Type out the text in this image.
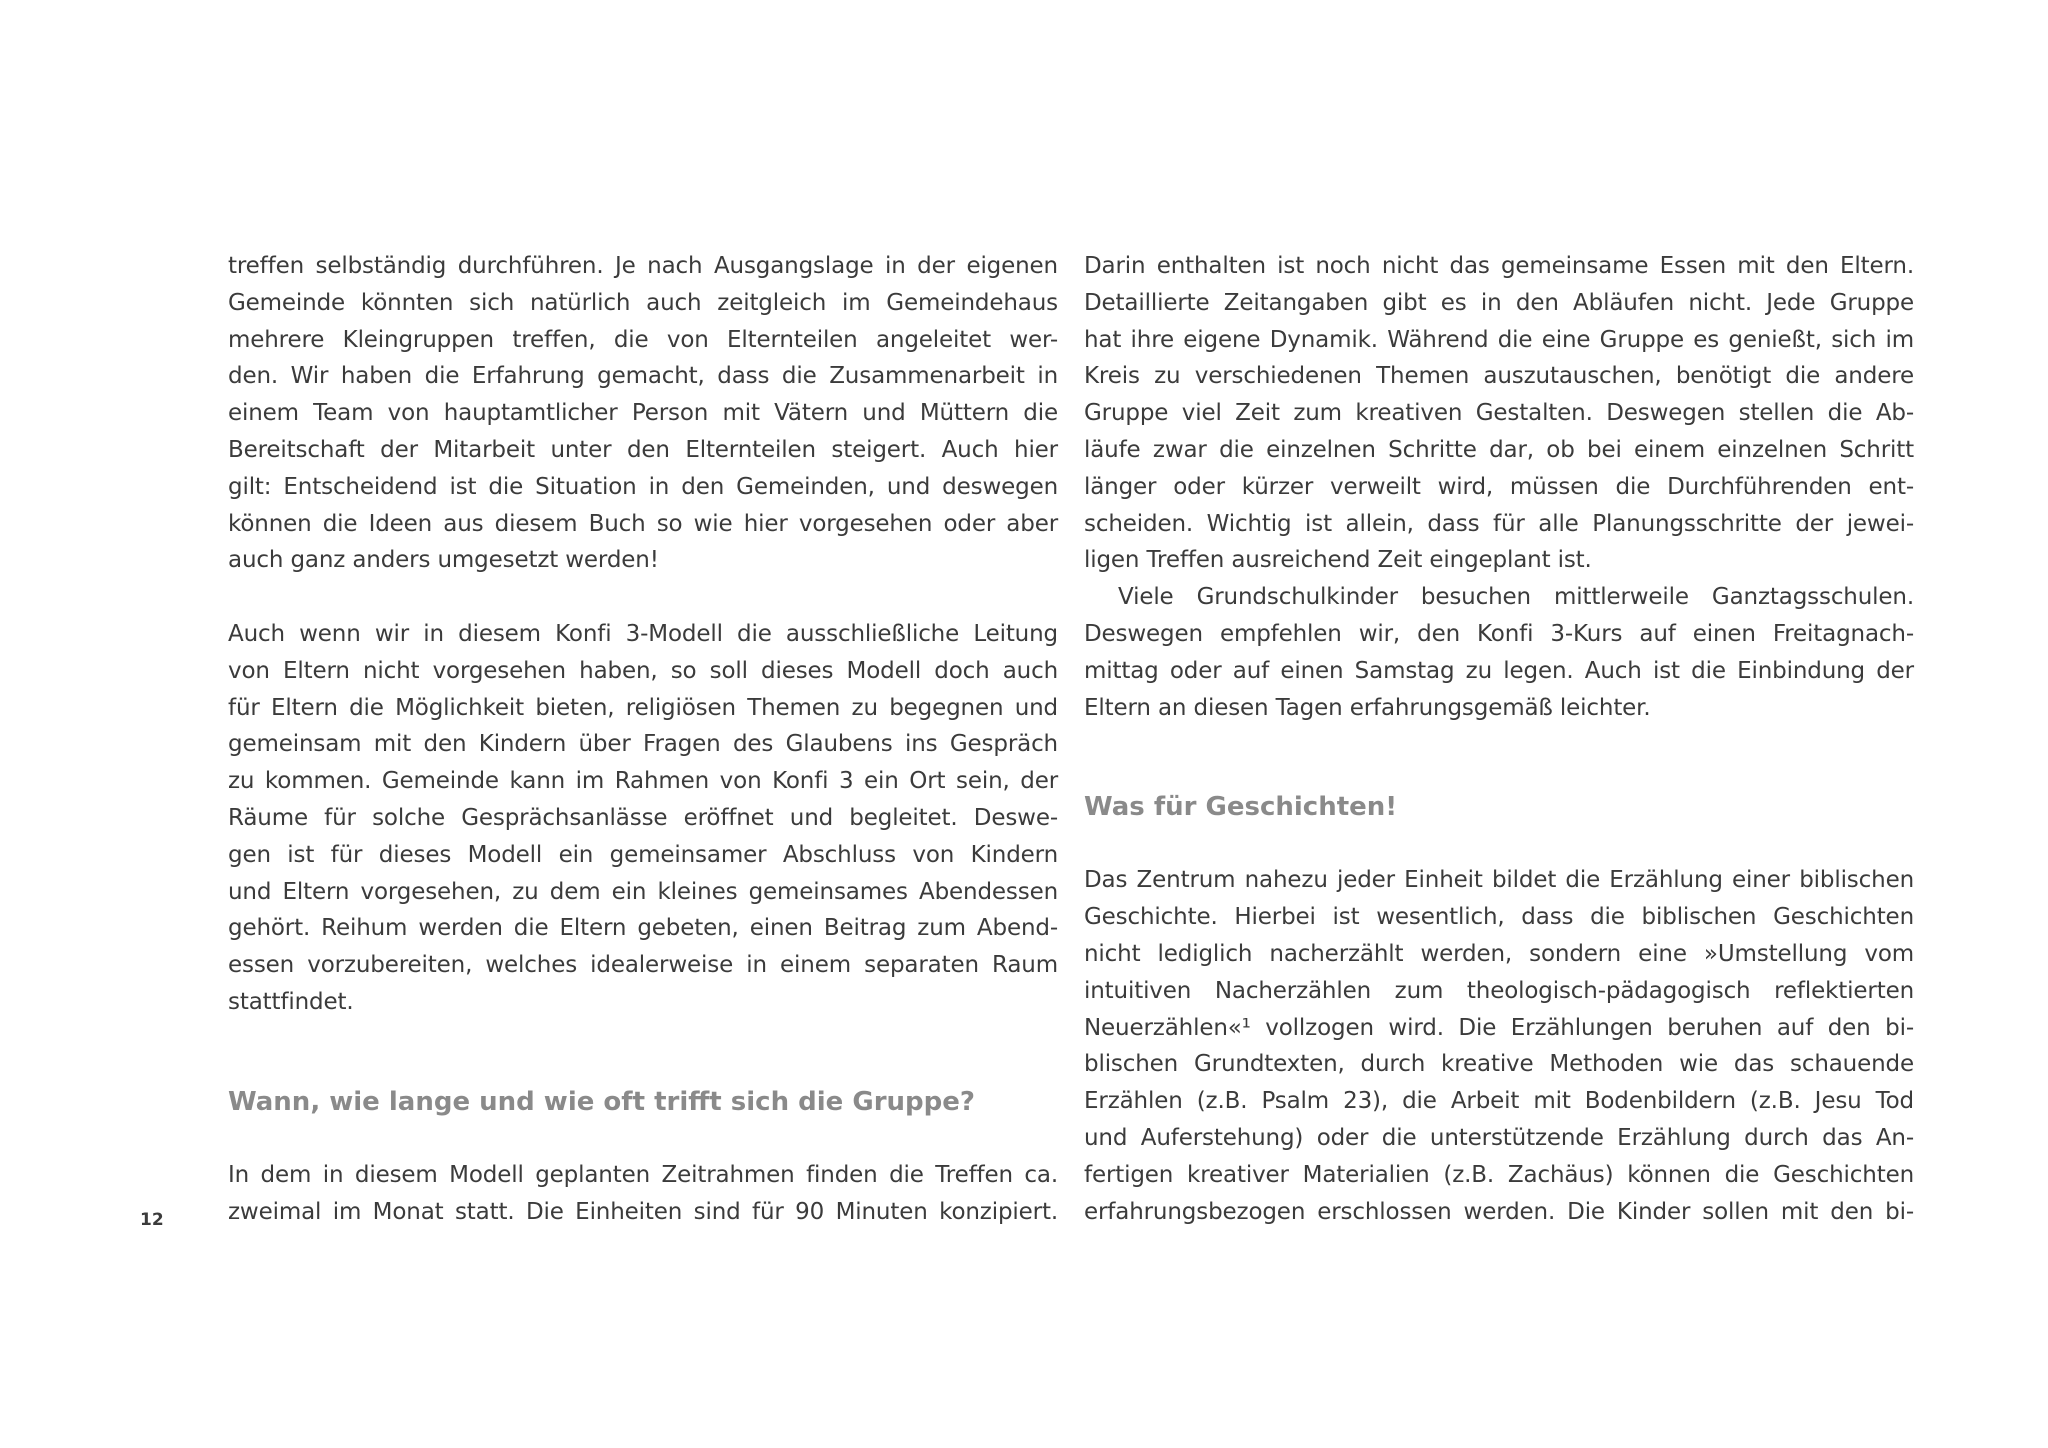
treffen selbständig durchführen. Je nach Ausgangslage in der eigenen
Gemeinde könnten sich natürlich auch zeitgleich im Gemeindehaus
mehrere Kleingruppen treffen, die von Elternteilen angeleitet wer-
den. Wir haben die Erfahrung gemacht, dass die Zusammenarbeit in
einem Team von hauptamtlicher Person mit Vätern und Müttern die
Bereitschaft der Mitarbeit unter den Elternteilen steigert. Auch hier
gilt: Entscheidend ist die Situation in den Gemeinden, und deswegen
können die Ideen aus diesem Buch so wie hier vorgesehen oder aber
auch ganz anders umgesetzt werden!
Auch wenn wir in diesem Konfi 3-Modell die ausschließliche Leitung
von Eltern nicht vorgesehen haben, so soll dieses Modell doch auch
für Eltern die Möglichkeit bieten, religiösen Themen zu begegnen und
gemeinsam mit den Kindern über Fragen des Glaubens ins Gespräch
zu kommen. Gemeinde kann im Rahmen von Konfi 3 ein Ort sein, der
Räume für solche Gesprächsanlässe eröffnet und begleitet. Deswe-
gen ist für dieses Modell ein gemeinsamer Abschluss von Kindern
und Eltern vorgesehen, zu dem ein kleines gemeinsames Abendessen
gehört. Reihum werden die Eltern gebeten, einen Beitrag zum Abend-
essen vorzubereiten, welches idealerweise in einem separaten Raum
stattfindet.
Wann, wie lange und wie oft trifft sich die Gruppe?
In dem in diesem Modell geplanten Zeitrahmen finden die Treffen ca.
zweimal im Monat statt. Die Einheiten sind für 90 Minuten konzipiert.
Darin enthalten ist noch nicht das gemeinsame Essen mit den Eltern.
Detaillierte Zeitangaben gibt es in den Abläufen nicht. Jede Gruppe
hat ihre eigene Dynamik. Während die eine Gruppe es genießt, sich im
Kreis zu verschiedenen Themen auszutauschen, benötigt die andere
Gruppe viel Zeit zum kreativen Gestalten. Deswegen stellen die Ab-
läufe zwar die einzelnen Schritte dar, ob bei einem einzelnen Schritt
länger oder kürzer verweilt wird, müssen die Durchführenden ent-
scheiden. Wichtig ist allein, dass für alle Planungsschritte der jewei-
ligen Treffen ausreichend Zeit eingeplant ist.
Viele Grundschulkinder besuchen mittlerweile Ganztagsschulen.
Deswegen empfehlen wir, den Konfi 3-Kurs auf einen Freitagnach-
mittag oder auf einen Samstag zu legen. Auch ist die Einbindung der
Eltern an diesen Tagen erfahrungsgemäß leichter.
Was für Geschichten!
Das Zentrum nahezu jeder Einheit bildet die Erzählung einer biblischen
Geschichte. Hierbei ist wesentlich, dass die biblischen Geschichten
nicht lediglich nacherzählt werden, sondern eine »Umstellung vom
intuitiven Nacherzählen zum theologisch-pädagogisch reflektierten
Neuerzählen«¹ vollzogen wird. Die Erzählungen beruhen auf den bi-
blischen Grundtexten, durch kreative Methoden wie das schauende
Erzählen (z.B. Psalm 23), die Arbeit mit Bodenbildern (z.B. Jesu Tod
und Auferstehung) oder die unterstützende Erzählung durch das An-
fertigen kreativer Materialien (z.B. Zachäus) können die Geschichten
erfahrungsbezogen erschlossen werden. Die Kinder sollen mit den bi-
12
